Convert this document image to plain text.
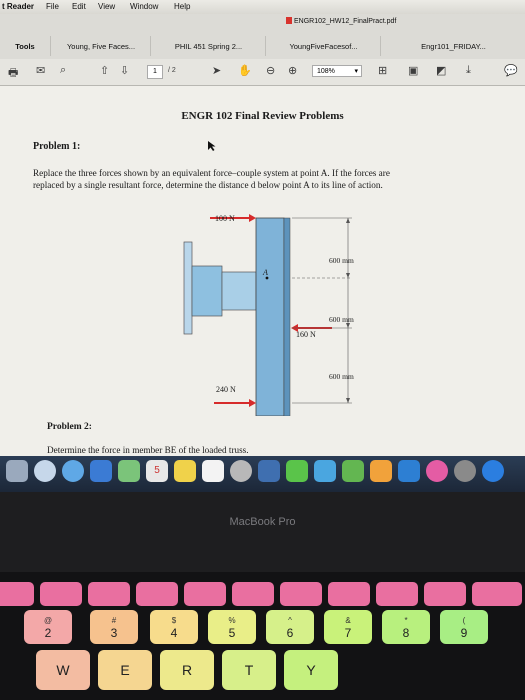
t Reader File Edit View Window Help
ENGR102_HW12_FinalPract.pdf
Tools	Young, Five Faces...	PHIL 451 Spring 2...	YoungFiveFacesof...	Engr101_FRIDAY...
🖶 ✉ ⌕	⇧ ⇩	1	/ 2	➤ ✋ ⊖ ⊕	108%	▾ ⊞ ▣ ◩ ⤓	💬
ENGR 102 Final Review Problems
Problem 1:
Replace the three forces shown by an equivalent force–couple system at point A. If the forces are
replaced by a single resultant force, determine the distance d below point A to its line of action.
100 N
160 N
240 N
600 mm
600 mm
600 mm
A
Problem 2:
Determine the force in member BE of the loaded truss.
5
MacBook Pro
@
2
#
3
$
4
%
5
^
6
&
7
*
8
(
9
W	E	R	T	Y
